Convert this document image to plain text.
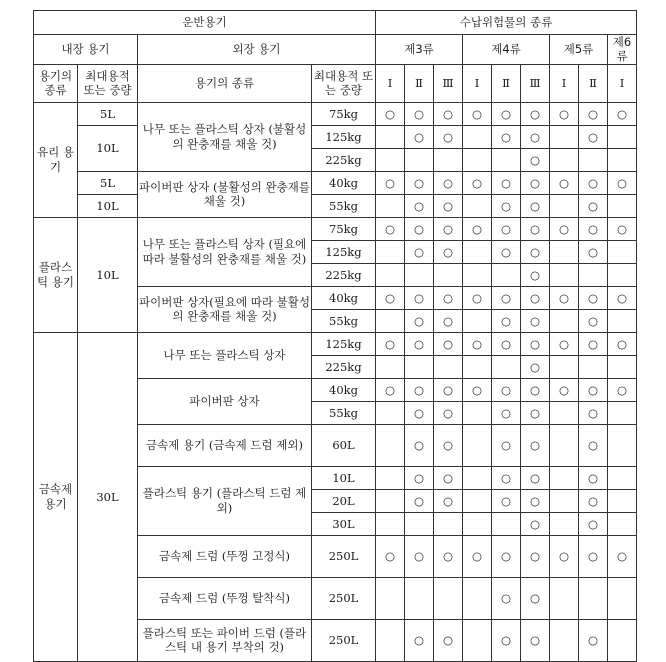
운반용기				수납위험물의 종류								
내장 용기		외장 용기		제3류			제4류			제5류		제6류
용기의 종류	최대용적 또는 중량	용기의 종류	최대용적 또는 중량	Ⅰ	Ⅱ	Ⅲ	Ⅰ	Ⅱ	Ⅲ	Ⅰ	Ⅱ	Ⅰ
유리 용기	5L	나무 또는 플라스틱 상자 (불활성의 완충재를 채울 것)	75kg	○	○	○	○	○	○	○	○	○
	10L		125kg		○	○		○	○		○	
			225kg						○			
	5L	파이버판 상자 (불활성의 완충재를 채울 것)	40kg	○	○	○	○	○	○	○	○	○
	10L		55kg		○	○		○	○		○	
플라스틱 용기	10L	나무 또는 플라스틱 상자 (필요에 따라 불활성의 완충재를 채울 것)	75kg	○	○	○	○	○	○	○	○	○
			125kg		○	○		○	○		○	
			225kg						○			
		파이버판 상자(필요에 따라 불활성의 완충재를 채울 것)	40kg	○	○	○	○	○	○	○	○	○
			55kg		○	○		○	○		○	
금속제 용기	30L	나무 또는 플라스틱 상자	125kg	○	○	○	○	○	○	○	○	○
			225kg						○			
		파이버판 상자	40kg	○	○	○	○	○	○	○	○	○
			55kg		○	○		○	○		○	
		금속제 용기 (금속제 드럼 제외)	60L		○	○		○	○		○	
		플라스틱 용기 (플라스틱 드럼 제외)	10L		○	○		○	○		○	
			20L		○	○		○	○		○	
			30L						○		○	
		금속제 드럼 (뚜껑 고정식)	250L	○	○	○	○	○	○	○	○	○
		금속제 드럼 (뚜껑 탈착식)	250L					○	○			
		플라스틱 또는 파이버 드럼 (플라스틱 내 용기 부착의 것)	250L		○	○		○	○		○	
